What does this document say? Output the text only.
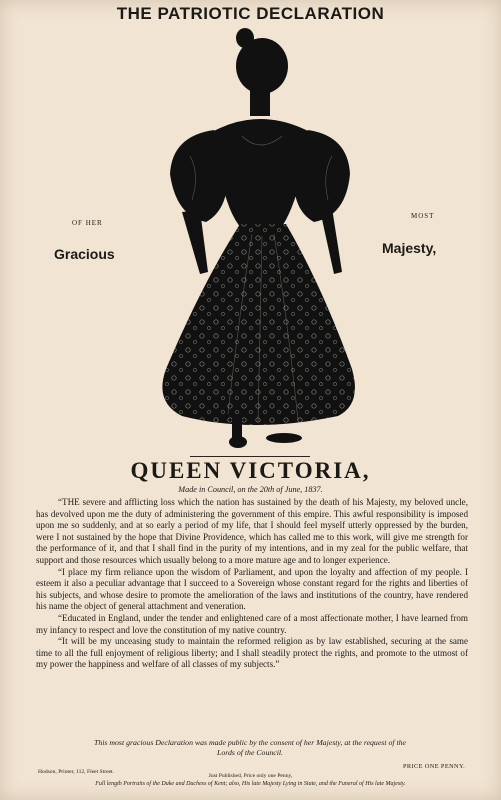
THE PATRIOTIC DECLARATION
OF HER
MOST
Gracious	Majesty,
QUEEN VICTORIA,
Made in Council, on the 20th of June, 1837.

“THE severe and afflicting loss which the nation has sustained by the death of his Majesty, my beloved uncle, has devolved upon me the duty of administering the government of this empire. This awful responsibility is imposed upon me so suddenly, and at so early a period of my life, that I should feel myself utterly oppressed by the burden, were I not sustained by the hope that Divine Providence, which has called me to this work, will give me strength for the performance of it, and that I shall find in the purity of my intentions, and in my zeal for the public welfare, that support and those resources which usually belong to a more mature age and to longer experience.

“I place my firm reliance upon the wisdom of Parliament, and upon the loyalty and affection of my people. I esteem it also a peculiar advantage that I succeed to a Sovereign whose constant regard for the rights and liberties of his subjects, and whose desire to promote the amelioration of the laws and institutions of the country, have rendered his name the object of general attachment and veneration.

“Educated in England, under the tender and enlightened care of a most affectionate mother, I have learned from my infancy to respect and love the constitution of my native country.

“It will be my unceasing study to maintain the reformed religion as by law established, securing at the same time to all the full enjoyment of religious liberty; and I shall steadily protect the rights, and promote to the utmost of my power the happiness and welfare of all classes of my subjects.”

This most gracious Declaration was made public by the consent of her Majesty, at the request of the Lords of the Council.
Hodson, Printer, 112, Fleet Street.
PRICE ONE PENNY.
Just Published, Price only one Penny,
Full length Portraits of the Duke and Duchess of Kent; also, His late Majesty Lying in State, and the Funeral of His late Majesty.
